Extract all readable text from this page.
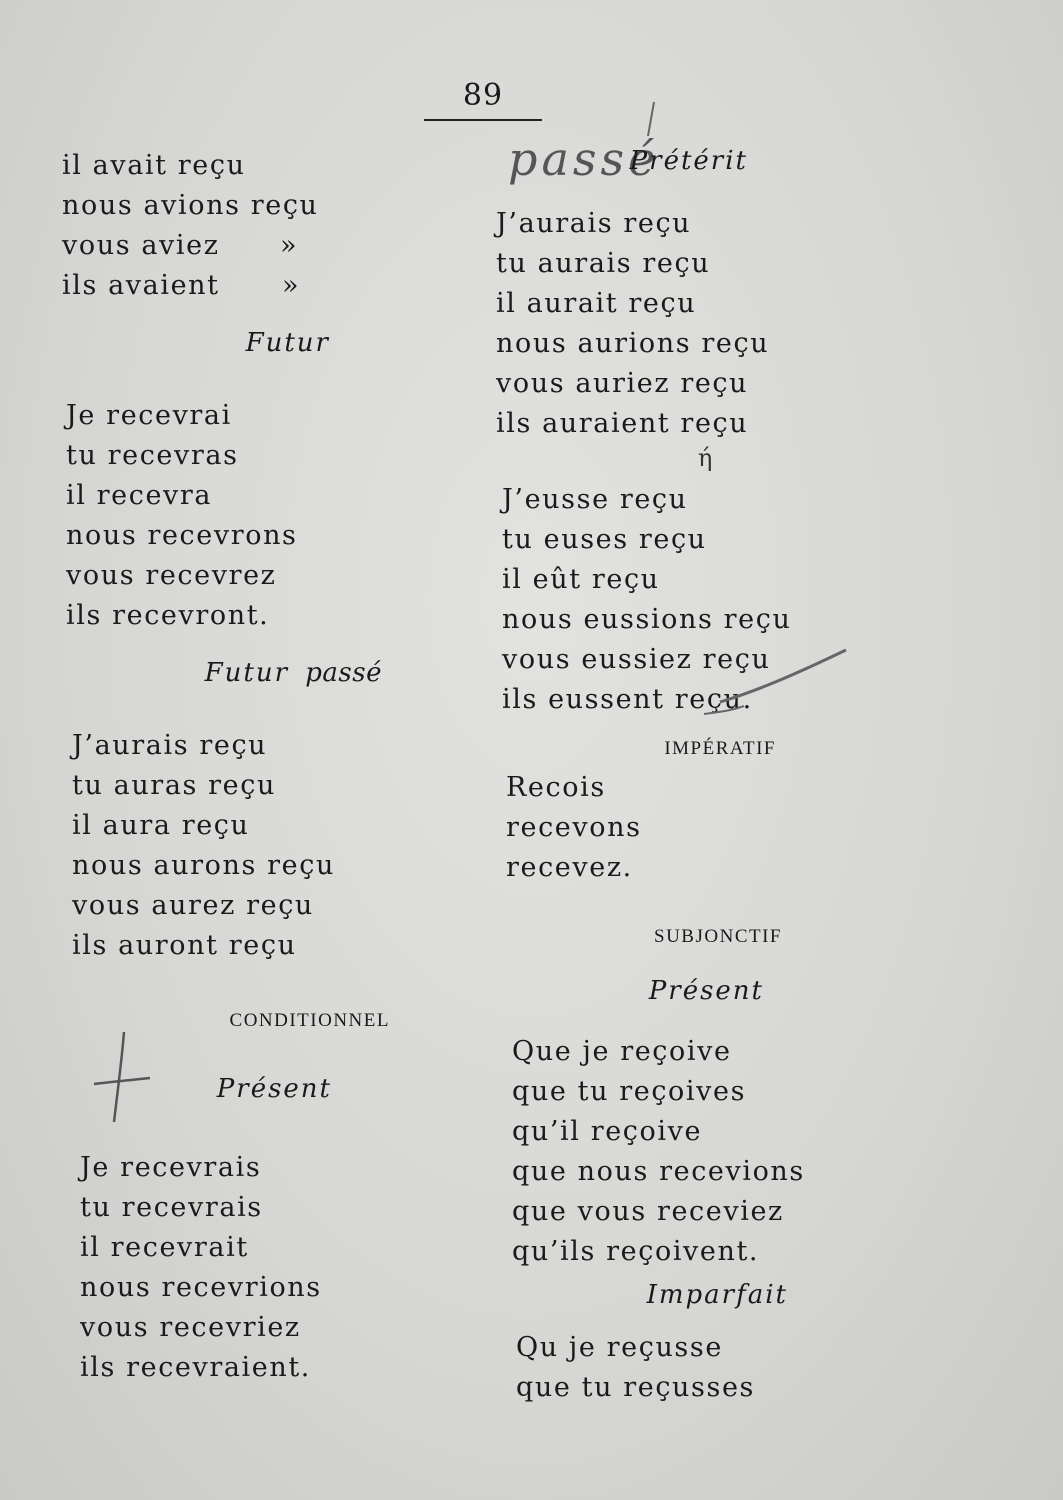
89
il avait reçu
nous avions reçu
vous aviez »
ils avaient »
Futur
Je recevrai
tu recevras
il recevra
nous recevrons
vous recevrez
ils recevront.
Futur passé
J’aurais reçu
tu auras reçu
il aura reçu
nous aurons reçu
vous aurez reçu
ils auront reçu
CONDITIONNEL
Présent
Je recevrais
tu recevrais
il recevrait
nous recevrions
vous recevriez
ils recevraient.
passé
Prétérit
J’aurais reçu
tu aurais reçu
il aurait reçu
nous aurions reçu
vous auriez reçu
ils auraient reçu
ή
J’eusse reçu
tu euses reçu
il eût reçu
nous eussions reçu
vous eussiez reçu
ils eussent reçu.
IMPÉRATIF
Recois
recevons
recevez.
SUBJONCTIF
Présent
Que je reçoive
que tu reçoives
qu’il reçoive
que nous recevions
que vous receviez
qu’ils reçoivent.
Imparfait
Qu je reçusse
que tu reçusses
